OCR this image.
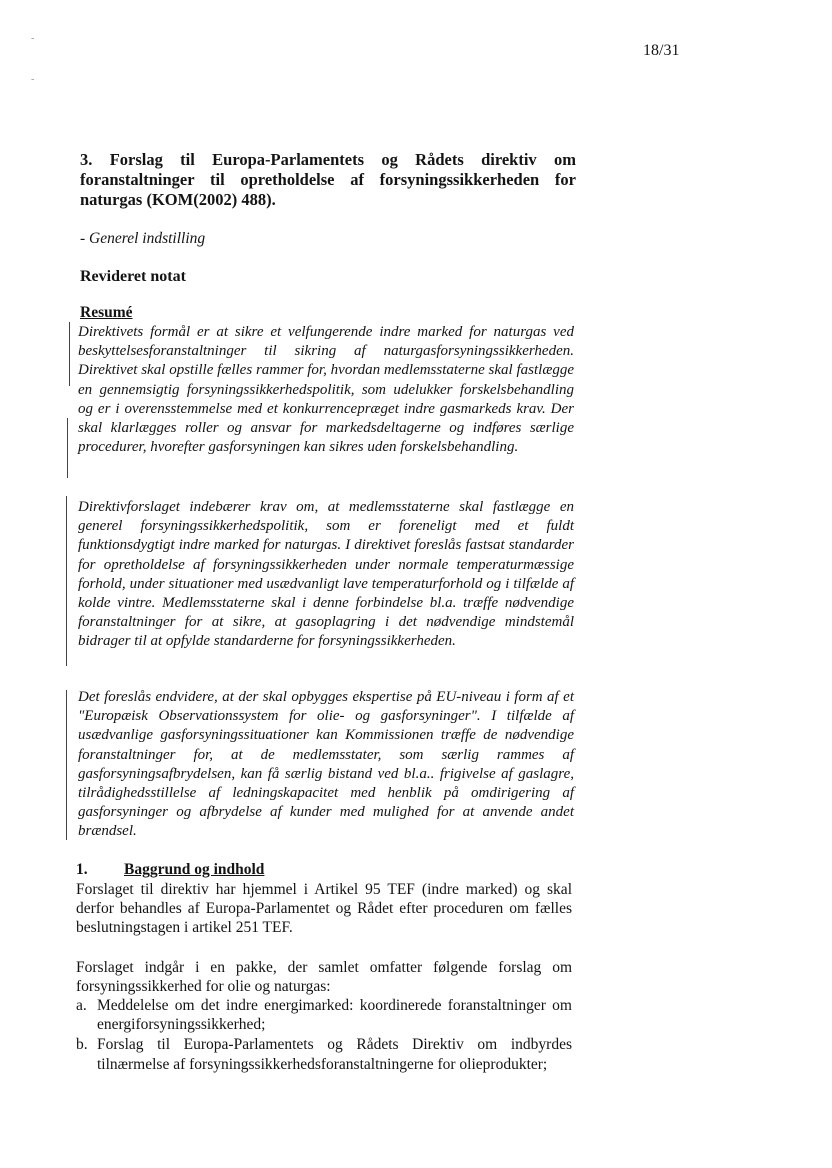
18/31
-
-
3. Forslag til Europa-Parlamentets og Rådets direktiv om foranstaltninger til opretholdelse af forsyningssikkerheden for naturgas (KOM(2002) 488).
- Generel indstilling
Revideret notat
Resumé
Direktivets formål er at sikre et velfungerende indre marked for naturgas ved beskyttelsesforanstaltninger til sikring af naturgasforsyningssikkerheden. Direktivet skal opstille fælles rammer for, hvordan medlemsstaterne skal fastlægge en gennemsigtig forsyningssikkerhedspolitik, som udelukker forskelsbehandling og er i overensstemmelse med et konkurrencepræget indre gasmarkeds krav. Der skal klarlægges roller og ansvar for markedsdeltagerne og indføres særlige procedurer, hvorefter gasforsyningen kan sikres uden forskelsbehandling.
Direktivforslaget indebærer krav om, at medlemsstaterne skal fastlægge en generel forsyningssikkerhedspolitik, som er foreneligt med et fuldt funktionsdygtigt indre marked for naturgas. I direktivet foreslås fastsat standarder for opretholdelse af forsyningssikkerheden under normale temperaturmæssige forhold, under situationer med usædvanligt lave temperaturforhold og i tilfælde af kolde vintre. Medlemsstaterne skal i denne forbindelse bl.a. træffe nødvendige foranstaltninger for at sikre, at gasoplagring i det nødvendige mindstemål bidrager til at opfylde standarderne for forsyningssikkerheden.
Det foreslås endvidere, at der skal opbygges ekspertise på EU-niveau i form af et "Europæisk Observationssystem for olie- og gasforsyninger". I tilfælde af usædvanlige gasforsyningssituationer kan Kommissionen træffe de nødvendige foranstaltninger for, at de medlemsstater, som særlig rammes af gasforsyningsafbrydelsen, kan få særlig bistand ved bl.a.. frigivelse af gaslagre, tilrådighedsstillelse af ledningskapacitet med henblik på omdirigering af gasforsyninger og afbrydelse af kunder med mulighed for at anvende andet brændsel.
1. Baggrund og indhold
Forslaget til direktiv har hjemmel i Artikel 95 TEF (indre marked) og skal derfor behandles af Europa-Parlamentet og Rådet efter proceduren om fælles beslutningstagen i artikel 251 TEF.
Forslaget indgår i en pakke, der samlet omfatter følgende forslag om forsyningssikkerhed for olie og naturgas:
a. Meddelelse om det indre energimarked: koordinerede foranstaltninger om energiforsyningssikkerhed;
b. Forslag til Europa-Parlamentets og Rådets Direktiv om indbyrdes tilnærmelse af forsyningssikkerhedsforanstaltningerne for olieprodukter;
